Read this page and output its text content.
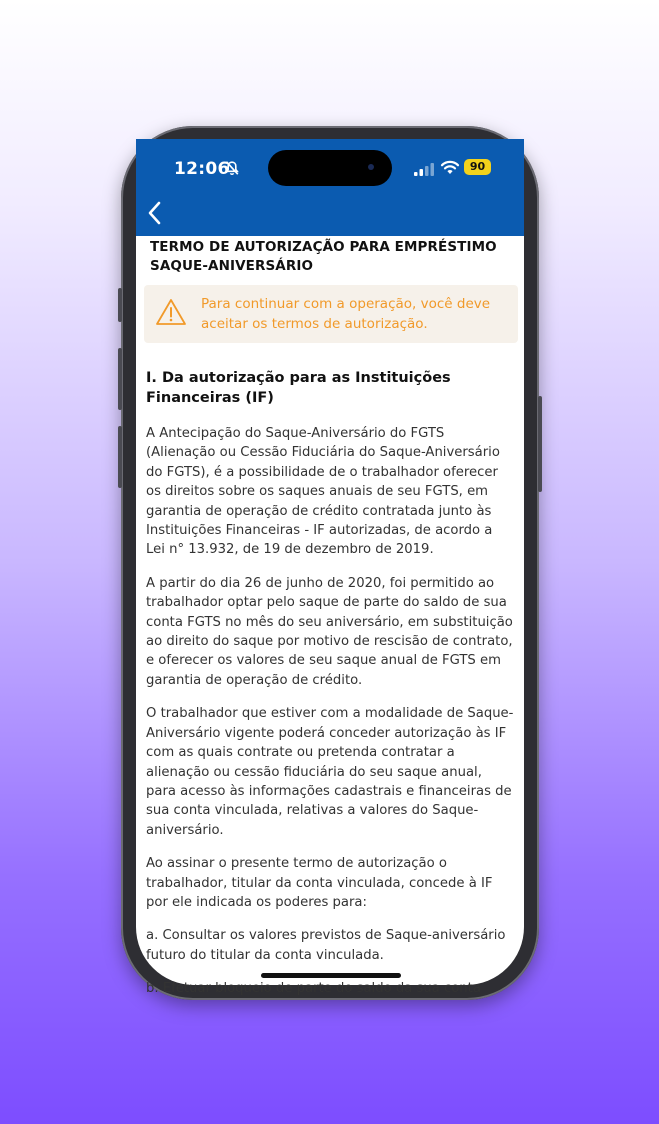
12:06	90
TERMO DE AUTORIZAÇÃO PARA EMPRÉSTIMO SAQUE-ANIVERSÁRIO
Para continuar com a operação, você deve aceitar os termos de autorização.
I. Da autorização para as Instituições Financeiras (IF)

A Antecipação do Saque-Aniversário do FGTS (Alienação ou Cessão Fiduciária do Saque-Aniversário do FGTS), é a possibilidade de o trabalhador oferecer os direitos sobre os saques anuais de seu FGTS, em garantia de operação de crédito contratada junto às Instituições Financeiras - IF autorizadas, de acordo a Lei n° 13.932, de 19 de dezembro de 2019.

A partir do dia 26 de junho de 2020, foi permitido ao trabalhador optar pelo saque de parte do saldo de sua conta FGTS no mês do seu aniversário, em substituição ao direito do saque por motivo de rescisão de contrato, e oferecer os valores de seu saque anual de FGTS em garantia de operação de crédito.

O trabalhador que estiver com a modalidade de Saque-Aniversário vigente poderá conceder autorização às IF com as quais contrate ou pretenda contratar a alienação ou cessão fiduciária do seu saque anual, para acesso às informações cadastrais e financeiras de sua conta vinculada, relativas a valores do Saque-aniversário.

Ao assinar o presente termo de autorização o trabalhador, titular da conta vinculada, concede à IF por ele indicada os poderes para:

a. Consultar os valores previstos de Saque-aniversário futuro do titular da conta vinculada.

b. Efetuar bloqueio de parte do saldo da sua conta
